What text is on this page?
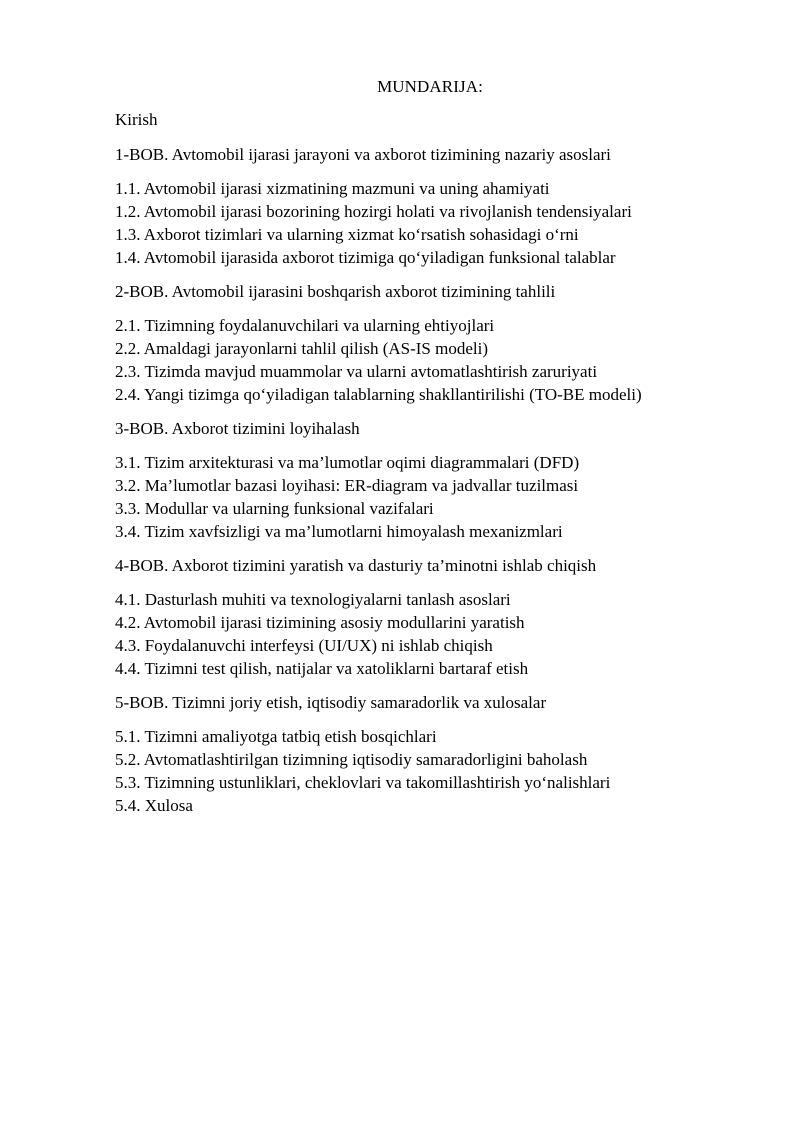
MUNDARIJA:
Kirish
1-BOB. Avtomobil ijarasi jarayoni va axborot tizimining nazariy asoslari
1.1. Avtomobil ijarasi xizmatining mazmuni va uning ahamiyati
1.2. Avtomobil ijarasi bozorining hozirgi holati va rivojlanish tendensiyalari
1.3. Axborot tizimlari va ularning xizmat ko‘rsatish sohasidagi o‘rni
1.4. Avtomobil ijarasida axborot tizimiga qo‘yiladigan funksional talablar
2-BOB. Avtomobil ijarasini boshqarish axborot tizimining tahlili
2.1. Tizimning foydalanuvchilari va ularning ehtiyojlari
2.2. Amaldagi jarayonlarni tahlil qilish (AS-IS modeli)
2.3. Tizimda mavjud muammolar va ularni avtomatlashtirish zaruriyati
2.4. Yangi tizimga qo‘yiladigan talablarning shakllantirilishi (TO-BE modeli)
3-BOB. Axborot tizimini loyihalash
3.1. Tizim arxitekturasi va ma’lumotlar oqimi diagrammalari (DFD)
3.2. Ma’lumotlar bazasi loyihasi: ER-diagram va jadvallar tuzilmasi
3.3. Modullar va ularning funksional vazifalari
3.4. Tizim xavfsizligi va ma’lumotlarni himoyalash mexanizmlari
4-BOB. Axborot tizimini yaratish va dasturiy ta’minotni ishlab chiqish
4.1. Dasturlash muhiti va texnologiyalarni tanlash asoslari
4.2. Avtomobil ijarasi tizimining asosiy modullarini yaratish
4.3. Foydalanuvchi interfeysi (UI/UX) ni ishlab chiqish
4.4. Tizimni test qilish, natijalar va xatoliklarni bartaraf etish
5-BOB. Tizimni joriy etish, iqtisodiy samaradorlik va xulosalar
5.1. Tizimni amaliyotga tatbiq etish bosqichlari
5.2. Avtomatlashtirilgan tizimning iqtisodiy samaradorligini baholash
5.3. Tizimning ustunliklari, cheklovlari va takomillashtirish yo‘nalishlari
5.4. Xulosa
